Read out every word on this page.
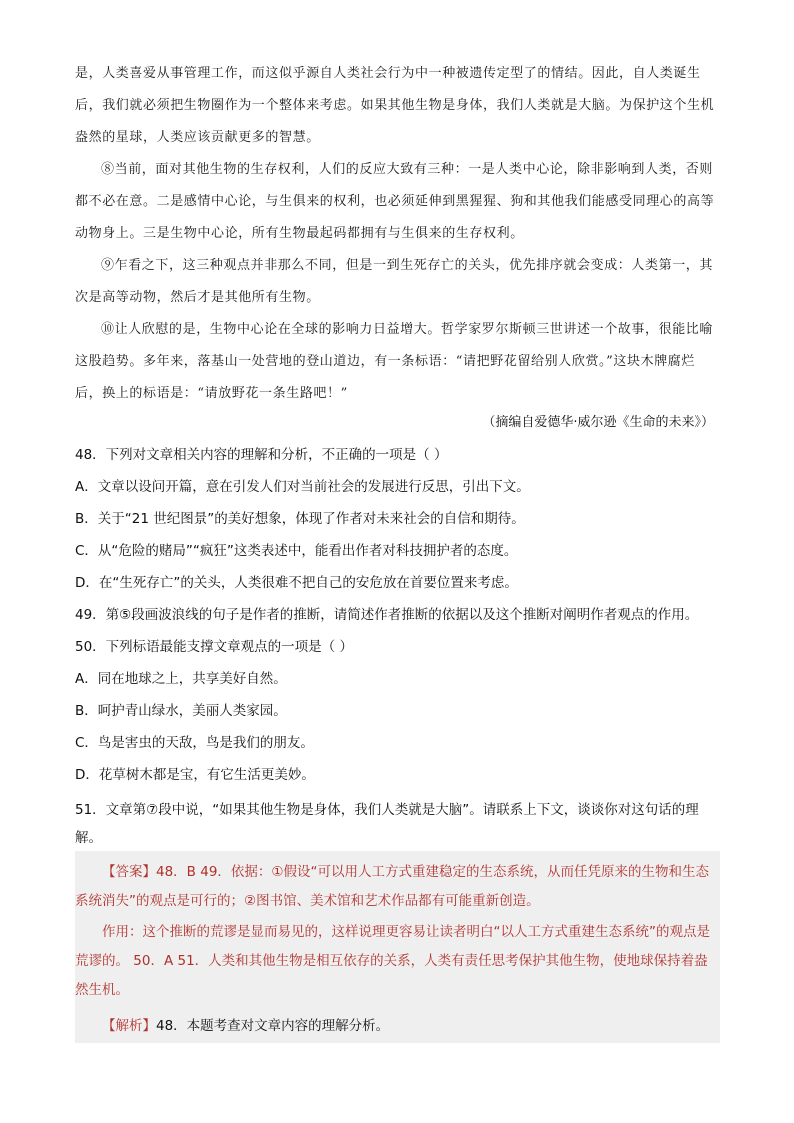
是，人类喜爱从事管理工作，而这似乎源自人类社会行为中一种被遗传定型了的情结。因此，自人类诞生后，我们就必须把生物圈作为一个整体来考虑。如果其他生物是身体，我们人类就是大脑。为保护这个生机盎然的星球，人类应该贡献更多的智慧。

⑧当前，面对其他生物的生存权利，人们的反应大致有三种：一是人类中心论，除非影响到人类，否则都不必在意。二是感情中心论，与生俱来的权利，也必须延伸到黑猩猩、狗和其他我们能感受同理心的高等动物身上。三是生物中心论，所有生物最起码都拥有与生俱来的生存权利。

⑨乍看之下，这三种观点并非那么不同，但是一到生死存亡的关头，优先排序就会变成：人类第一，其次是高等动物，然后才是其他所有生物。

⑩让人欣慰的是，生物中心论在全球的影响力日益增大。哲学家罗尔斯顿三世讲述一个故事，很能比喻这股趋势。多年来，落基山一处营地的登山道边，有一条标语：“请把野花留给别人欣赏。”这块木牌腐烂后，换上的标语是：“请放野花一条生路吧！”

（摘编自爱德华·威尔逊《生命的未来》）

48．下列对文章相关内容的理解和分析，不正确的一项是（ ）

A．文章以设问开篇，意在引发人们对当前社会的发展进行反思，引出下文。

B．关于“21 世纪图景”的美好想象，体现了作者对未来社会的自信和期待。

C．从“危险的赌局”“疯狂”这类表述中，能看出作者对科技拥护者的态度。

D．在“生死存亡”的关头，人类很难不把自己的安危放在首要位置来考虑。

49．第⑤段画波浪线的句子是作者的推断，请简述作者推断的依据以及这个推断对阐明作者观点的作用。

50．下列标语最能支撑文章观点的一项是（ ）

A．同在地球之上，共享美好自然。

B．呵护青山绿水，美丽人类家园。

C．鸟是害虫的天敌，鸟是我们的朋友。

D．花草树木都是宝，有它生活更美妙。

51．文章第⑦段中说，“如果其他生物是身体，我们人类就是大脑”。请联系上下文，谈谈你对这句话的理解。

【答案】48．B 49．依据：①假设“可以用人工方式重建稳定的生态系统，从而任凭原来的生物和生态系统消失”的观点是可行的；②图书馆、美术馆和艺术作品都有可能重新创造。

作用：这个推断的荒谬是显而易见的，这样说理更容易让读者明白“以人工方式重建生态系统”的观点是荒谬的。 50．A 51．人类和其他生物是相互依存的关系，人类有责任思考保护其他生物，使地球保持着盎然生机。

【解析】48．本题考查对文章内容的理解分析。
